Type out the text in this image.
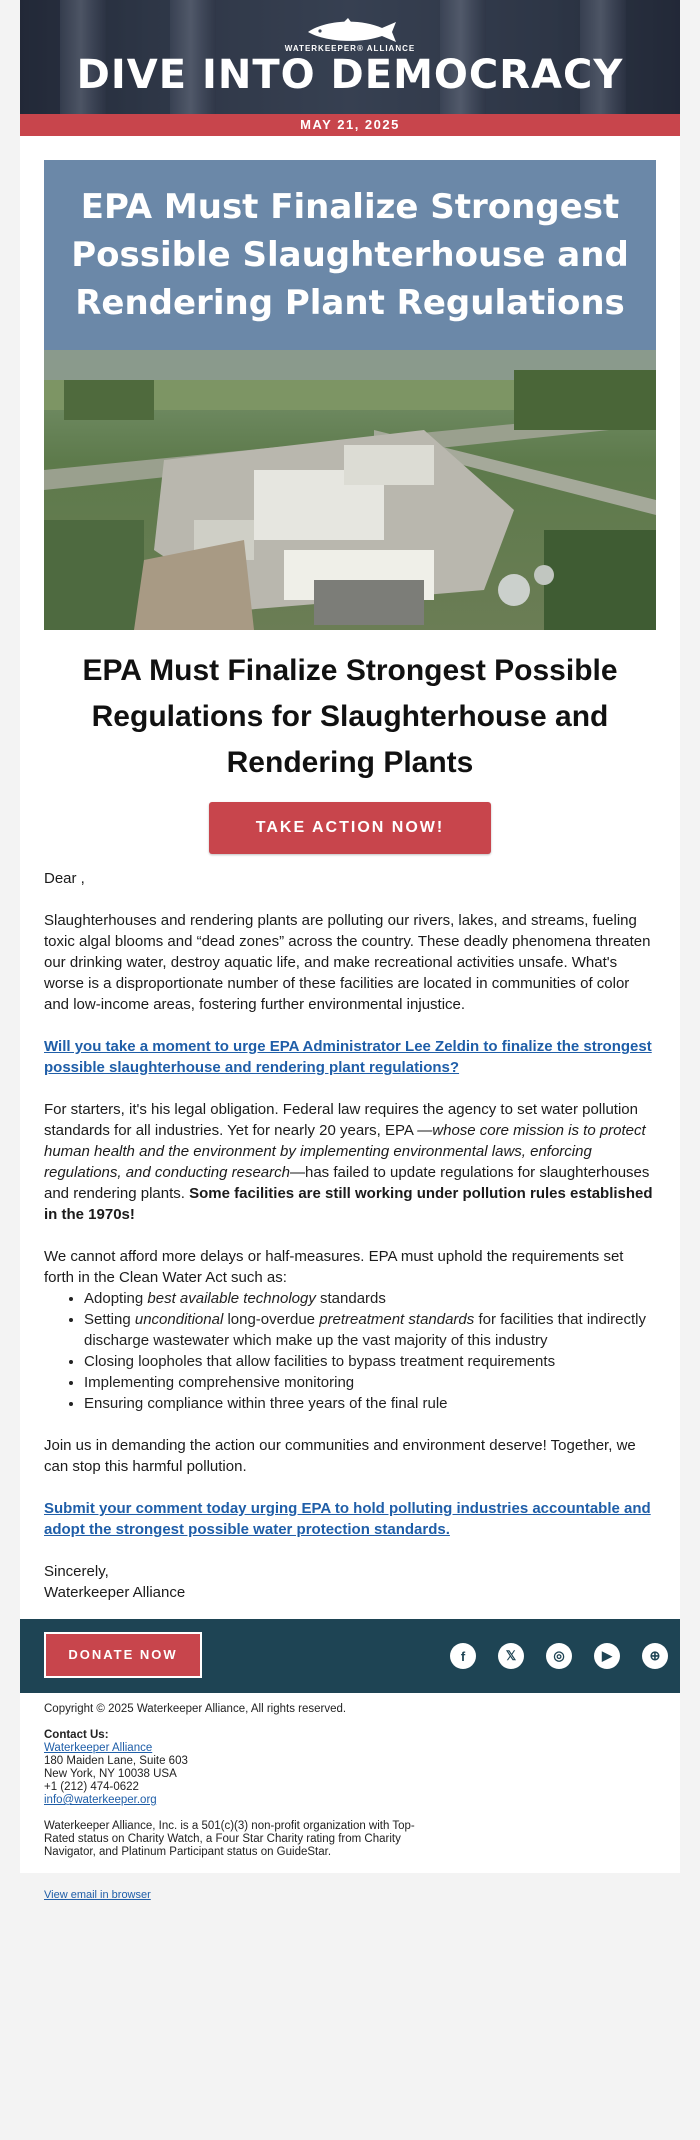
WATERKEEPER® ALLIANCE
DIVE INTO DEMOCRACY
MAY 21, 2025
EPA Must Finalize Strongest Possible Slaughterhouse and Rendering Plant Regulations
EPA Must Finalize Strongest Possible Regulations for Slaughterhouse and Rendering Plants
TAKE ACTION NOW!

Dear ,

Slaughterhouses and rendering plants are polluting our rivers, lakes, and streams, fueling toxic algal blooms and “dead zones” across the country. These deadly phenomena threaten our drinking water, destroy aquatic life, and make recreational activities unsafe. What's worse is a disproportionate number of these facilities are located in communities of color and low-income areas, fostering further environmental injustice.

Will you take a moment to urge EPA Administrator Lee Zeldin to finalize the strongest possible slaughterhouse and rendering plant regulations?

For starters, it's his legal obligation. Federal law requires the agency to set water pollution standards for all industries. Yet for nearly 20 years, EPA —whose core mission is to protect human health and the environment by implementing environmental laws, enforcing regulations, and conducting research—has failed to update regulations for slaughterhouses and rendering plants. Some facilities are still working under pollution rules established in the 1970s!

We cannot afford more delays or half-measures. EPA must uphold the requirements set forth in the Clean Water Act such as:

• Adopting best available technology standards
• Setting unconditional long-overdue pretreatment standards for facilities that indirectly discharge wastewater which make up the vast majority of this industry
• Closing loopholes that allow facilities to bypass treatment requirements
• Implementing comprehensive monitoring
• Ensuring compliance within three years of the final rule

Join us in demanding the action our communities and environment deserve! Together, we can stop this harmful pollution.

Submit your comment today urging EPA to hold polluting industries accountable and adopt the strongest possible water protection standards.

Sincerely,
Waterkeeper Alliance

DONATE NOW	f	𝕏	◎	▶	⊕
Copyright © 2025 Waterkeeper Alliance, All rights reserved.
Contact Us:
Waterkeeper Alliance
180 Maiden Lane, Suite 603
New York, NY 10038 USA
+1 (212) 474-0622
info@waterkeeper.org
Waterkeeper Alliance, Inc. is a 501(c)(3) non-profit organization with Top-Rated status on Charity Watch, a Four Star Charity rating from Charity Navigator, and Platinum Participant status on GuideStar.
View email in browser
